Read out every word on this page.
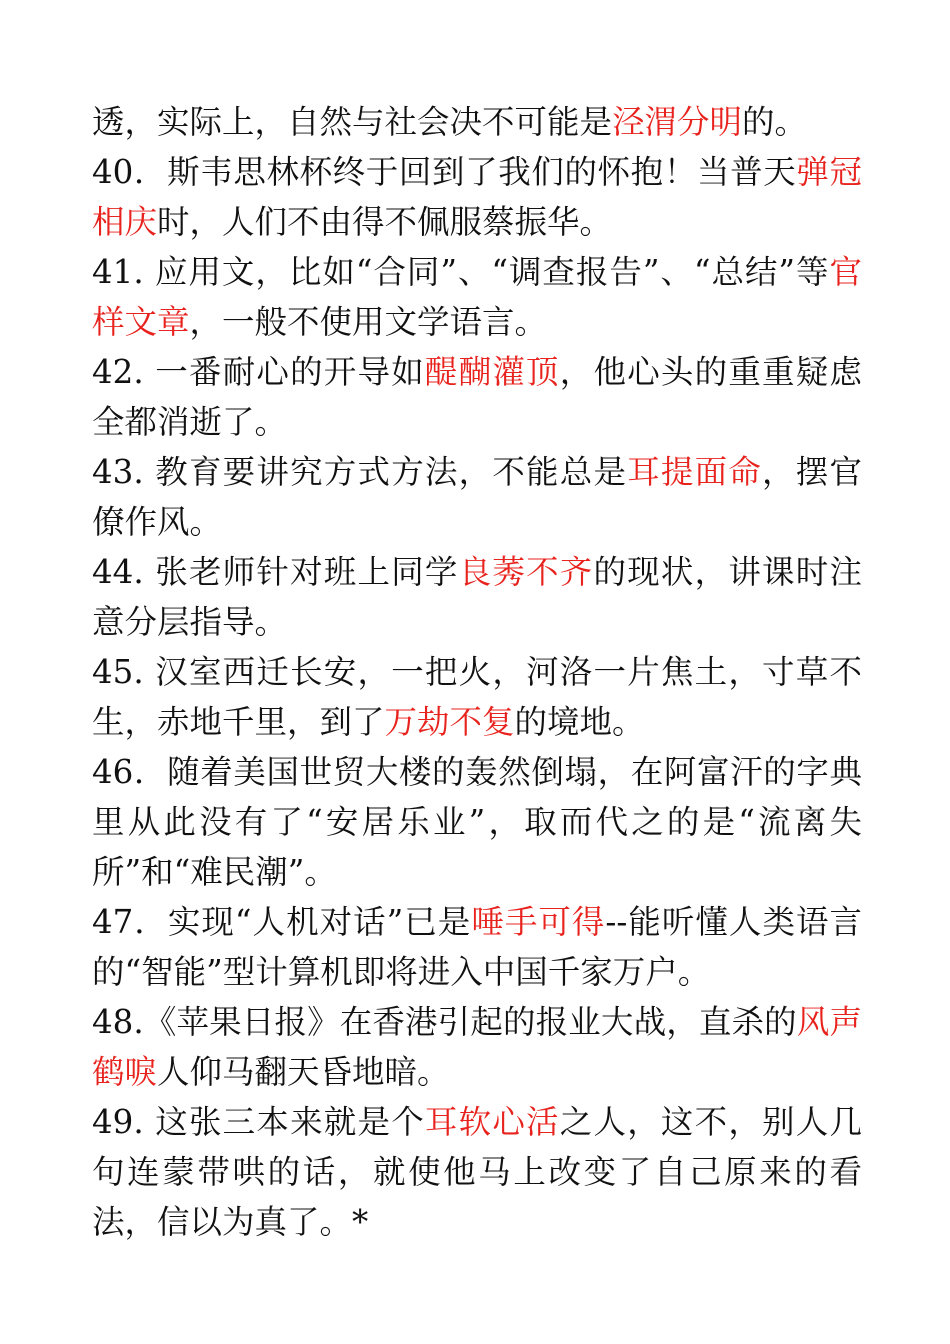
透，实际上，自然与社会决不可能是泾渭分明的。

40．斯韦思林杯终于回到了我们的怀抱！当普天弹冠相庆时，人们不由得不佩服蔡振华。

41. 应用文，比如“合同”、“调查报告”、“总结”等官样文章，一般不使用文学语言。

42. 一番耐心的开导如醍醐灌顶，他心头的重重疑虑全都消逝了。

43. 教育要讲究方式方法，不能总是耳提面命，摆官僚作风。

44. 张老师针对班上同学良莠不齐的现状，讲课时注意分层指导。

45. 汉室西迁长安，一把火，河洛一片焦土，寸草不生，赤地千里，到了万劫不复的境地。

46．随着美国世贸大楼的轰然倒塌，在阿富汗的字典里从此没有了“安居乐业”，取而代之的是“流离失所”和“难民潮”。

47．实现“人机对话”已是唾手可得--能听懂人类语言的“智能”型计算机即将进入中国千家万户。

48.《苹果日报》在香港引起的报业大战，直杀的风声鹤唳人仰马翻天昏地暗。

49. 这张三本来就是个耳软心活之人，这不，别人几句连蒙带哄的话，就使他马上改变了自己原来的看法，信以为真了。*
